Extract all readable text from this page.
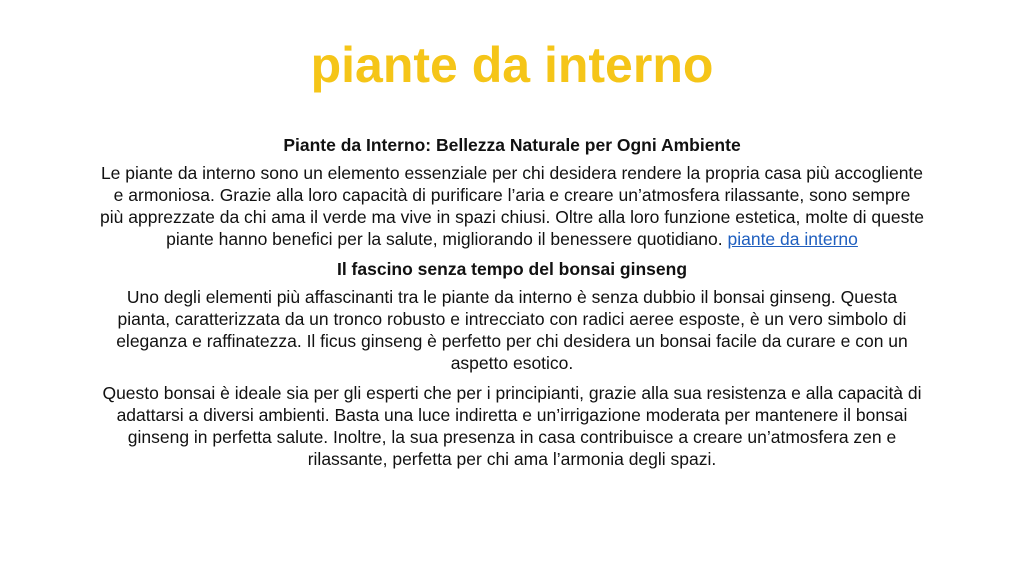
piante da interno

Piante da Interno: Bellezza Naturale per Ogni Ambiente

Le piante da interno sono un elemento essenziale per chi desidera rendere la propria casa più accogliente e armoniosa. Grazie alla loro capacità di purificare l’aria e creare un’atmosfera rilassante, sono sempre più apprezzate da chi ama il verde ma vive in spazi chiusi. Oltre alla loro funzione estetica, molte di queste piante hanno benefici per la salute, migliorando il benessere quotidiano. piante da interno

Il fascino senza tempo del bonsai ginseng

Uno degli elementi più affascinanti tra le piante da interno è senza dubbio il bonsai ginseng. Questa pianta, caratterizzata da un tronco robusto e intrecciato con radici aeree esposte, è un vero simbolo di eleganza e raffinatezza. Il ficus ginseng è perfetto per chi desidera un bonsai facile da curare e con un aspetto esotico.

Questo bonsai è ideale sia per gli esperti che per i principianti, grazie alla sua resistenza e alla capacità di adattarsi a diversi ambienti. Basta una luce indiretta e un’irrigazione moderata per mantenere il bonsai ginseng in perfetta salute. Inoltre, la sua presenza in casa contribuisce a creare un’atmosfera zen e rilassante, perfetta per chi ama l’armonia degli spazi.
